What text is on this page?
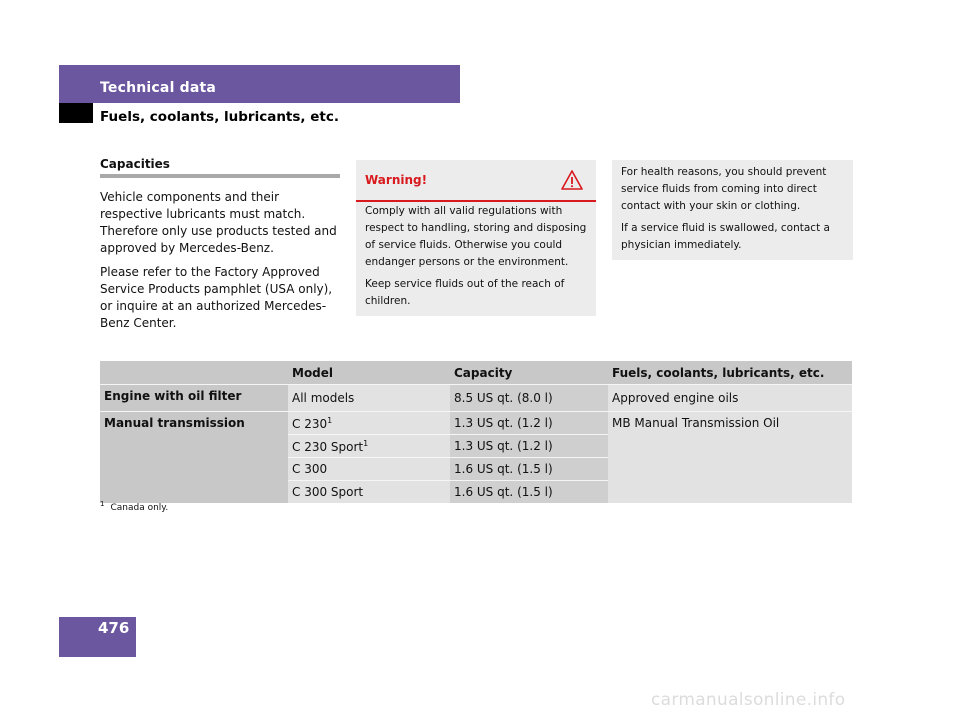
Technical data
Fuels, coolants, lubricants, etc.
Capacities

Vehicle components and their respective lubricants must match. Therefore only use products tested and approved by Mercedes-Benz.

Please refer to the Factory Approved Service Products pamphlet (USA only), or inquire at an authorized Mercedes-Benz Center.

Warning!

Comply with all valid regulations with respect to handling, storing and disposing of service fluids. Otherwise you could endanger persons or the environment.

Keep service fluids out of the reach of children.

For health reasons, you should prevent service fluids from coming into direct contact with your skin or clothing.

If a service fluid is swallowed, contact a physician immediately.

	Model	Capacity	Fuels, coolants, lubricants, etc.
Engine with oil filter	All models	8.5 US qt. (8.0 l)	Approved engine oils
Manual transmission	C $230^1$	1.3 US qt. (1.2 l)	MB Manual Transmission Oil
	C 230 Sport$^1$	1.3 US qt. (1.2 l)	
	C 300	1.6 US qt. (1.5 l)	
	C 300 Sport	1.6 US qt. (1.5 l)	
$^1$ Canada only.
476
carmanualsonline.info
